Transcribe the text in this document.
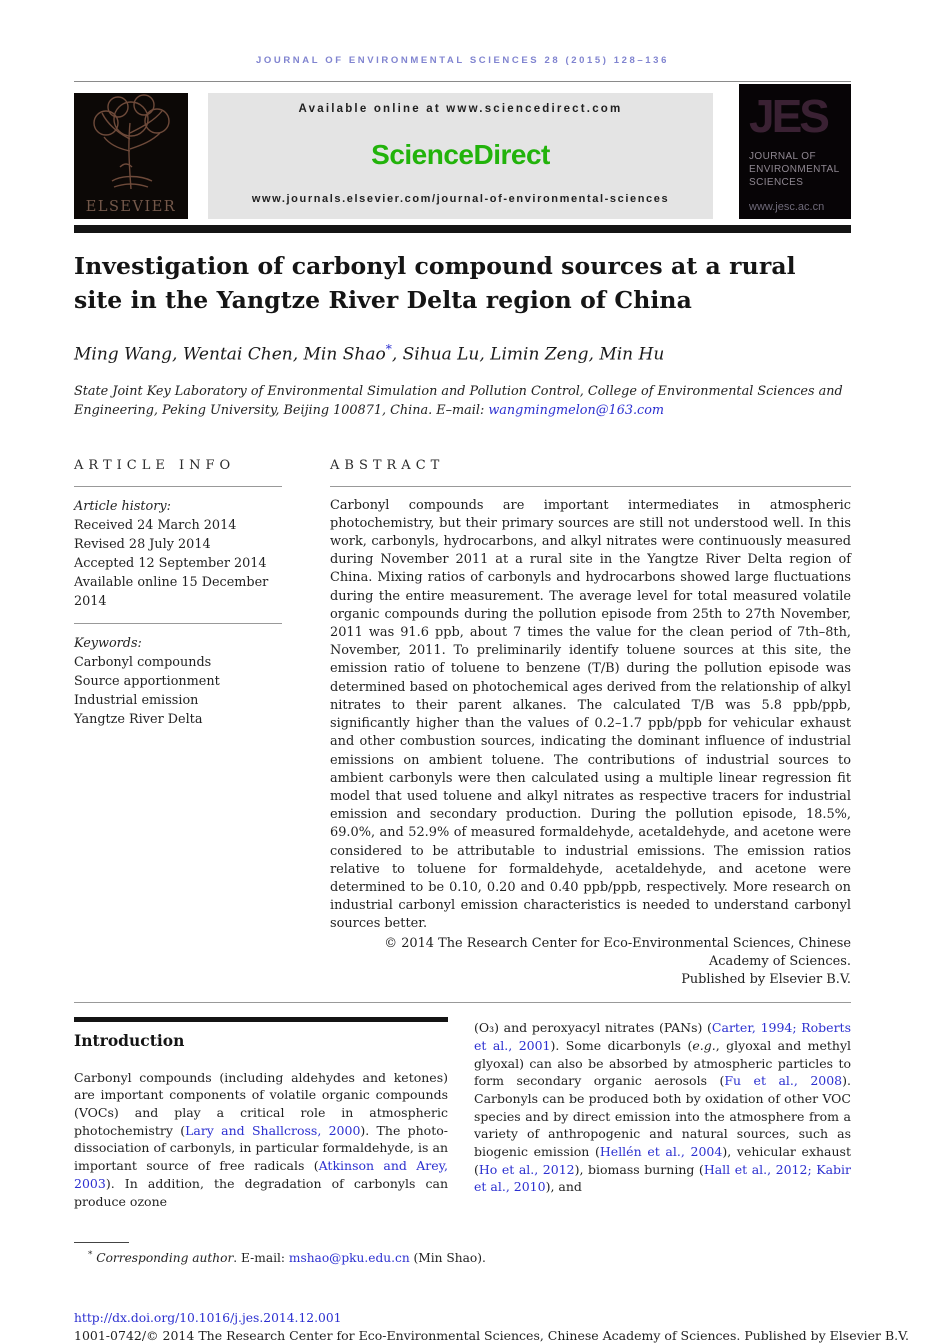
JOURNAL OF ENVIRONMENTAL SCIENCES 28 (2015) 128–136
ELSEVIER
Available online at www.sciencedirect.com
ScienceDirect
www.journals.elsevier.com/journal-of-environmental-sciences
JES
JOURNAL OF
ENVIRONMENTAL
SCIENCES
www.jesc.ac.cn
Investigation of carbonyl compound sources at a rural site in the Yangtze River Delta region of China
Ming Wang, Wentai Chen, Min Shao*, Sihua Lu, Limin Zeng, Min Hu
State Joint Key Laboratory of Environmental Simulation and Pollution Control, College of Environmental Sciences and Engineering, Peking University, Beijing 100871, China. E–mail: wangmingmelon@163.com
ARTICLE INFO
Article history:
Received 24 March 2014
Revised 28 July 2014
Accepted 12 September 2014
Available online 15 December 2014
Keywords:
Carbonyl compounds
Source apportionment
Industrial emission
Yangtze River Delta
ABSTRACT
Carbonyl compounds are important intermediates in atmospheric photochemistry, but their primary sources are still not understood well. In this work, carbonyls, hydrocarbons, and alkyl nitrates were continuously measured during November 2011 at a rural site in the Yangtze River Delta region of China. Mixing ratios of carbonyls and hydrocarbons showed large fluctuations during the entire measurement. The average level for total measured volatile organic compounds during the pollution episode from 25th to 27th November, 2011 was 91.6 ppb, about 7 times the value for the clean period of 7th–8th, November, 2011. To preliminarily identify toluene sources at this site, the emission ratio of toluene to benzene (T/B) during the pollution episode was determined based on photochemical ages derived from the relationship of alkyl nitrates to their parent alkanes. The calculated T/B was 5.8 ppb/ppb, significantly higher than the values of 0.2–1.7 ppb/ppb for vehicular exhaust and other combustion sources, indicating the dominant influence of industrial emissions on ambient toluene. The contributions of industrial sources to ambient carbonyls were then calculated using a multiple linear regression fit model that used toluene and alkyl nitrates as respective tracers for industrial emission and secondary production. During the pollution episode, 18.5%, 69.0%, and 52.9% of measured formaldehyde, acetaldehyde, and acetone were considered to be attributable to industrial emissions. The emission ratios relative to toluene for formaldehyde, acetaldehyde, and acetone were determined to be 0.10, 0.20 and 0.40 ppb/ppb, respectively. More research on industrial carbonyl emission characteristics is needed to understand carbonyl sources better.
© 2014 The Research Center for Eco-Environmental Sciences, Chinese Academy of Sciences.
Published by Elsevier B.V.
Introduction
Carbonyl compounds (including aldehydes and ketones) are important components of volatile organic compounds (VOCs) and play a critical role in atmospheric photochemistry (Lary and Shallcross, 2000). The photo-dissociation of carbonyls, in particular formaldehyde, is an important source of free radicals (Atkinson and Arey, 2003). In addition, the degradation of carbonyls can produce ozone
(O₃) and peroxyacyl nitrates (PANs) (Carter, 1994; Roberts et al., 2001). Some dicarbonyls (e.g., glyoxal and methyl glyoxal) can also be absorbed by atmospheric particles to form secondary organic aerosols (Fu et al., 2008). Carbonyls can be produced both by oxidation of other VOC species and by direct emission into the atmosphere from a variety of anthropogenic and natural sources, such as biogenic emission (Hellén et al., 2004), vehicular exhaust (Ho et al., 2012), biomass burning (Hall et al., 2012; Kabir et al., 2010), and
* Corresponding author. E-mail: mshao@pku.edu.cn (Min Shao).
http://dx.doi.org/10.1016/j.jes.2014.12.001
1001-0742/© 2014 The Research Center for Eco-Environmental Sciences, Chinese Academy of Sciences. Published by Elsevier B.V.
